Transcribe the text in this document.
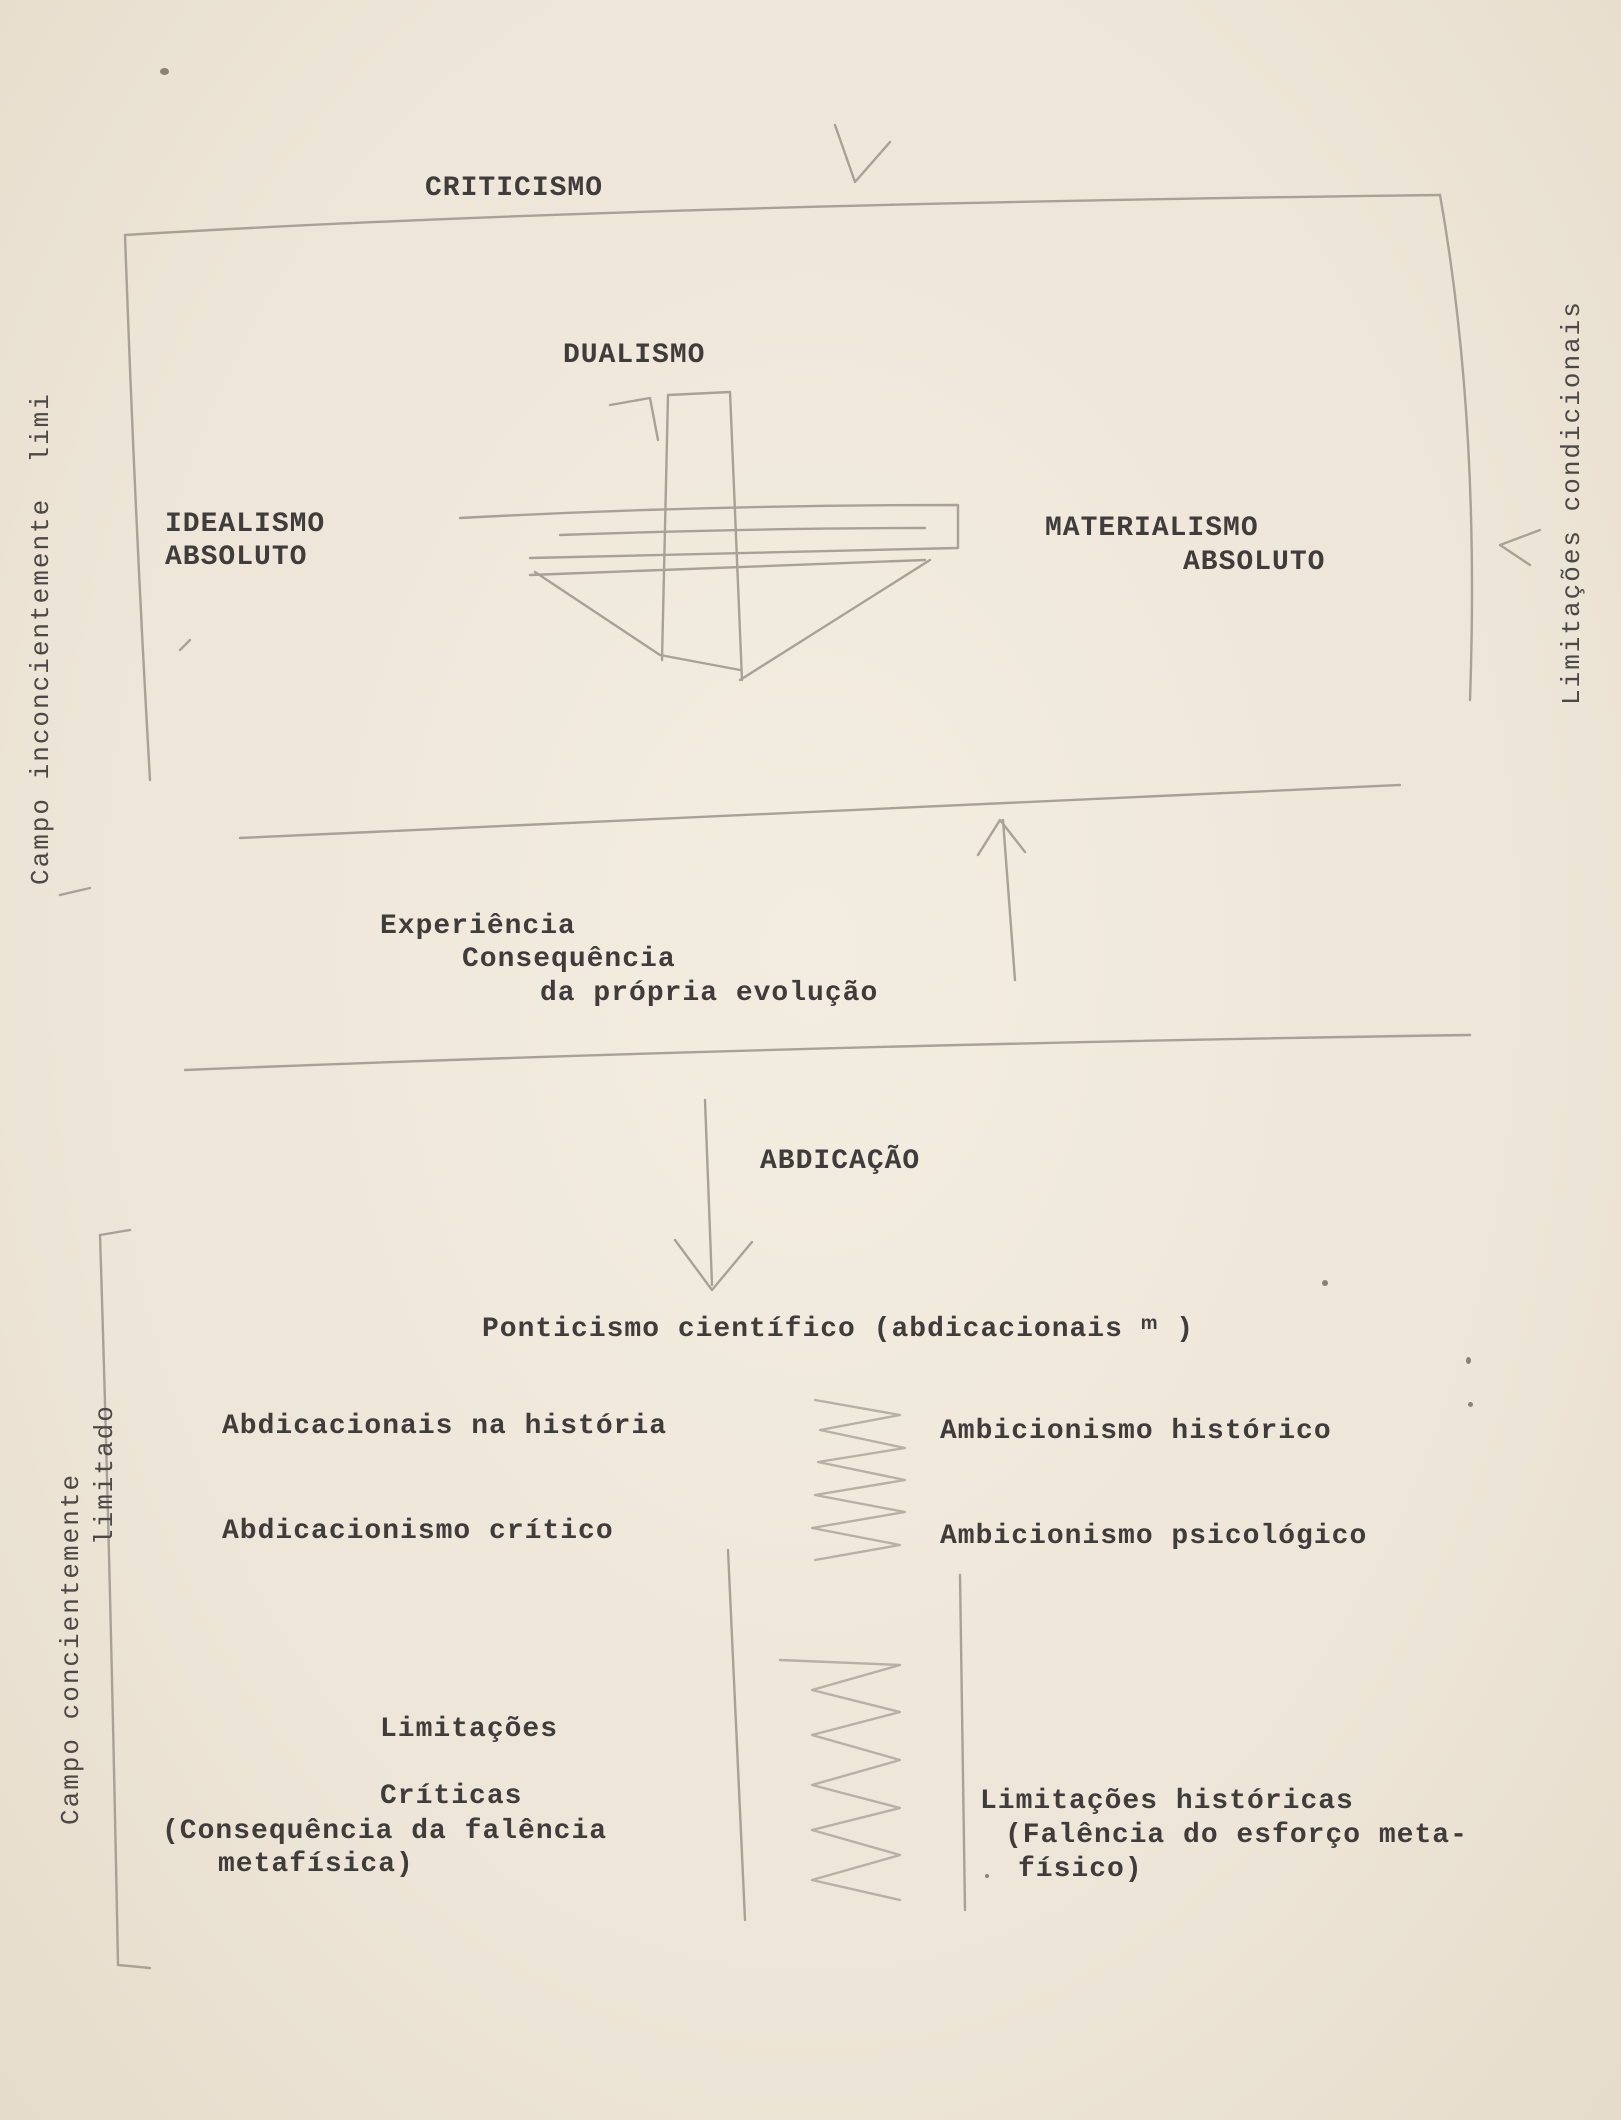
CRITICISMO

DUALISMO

IDEALISMO

ABSOLUTO

MATERIALISMO

ABSOLUTO

Experiência

Consequência

da própria evolução

ABDICAÇÃO

Ponticismo científico (abdicacionais ᵐ )

Abdicacionais na história	Ambicionismo histórico

Abdicacionismo crítico	Ambicionismo psicológico

Limitações

Críticas

(Consequência da falência

metafísica)

Limitações históricas

(Falência do esforço meta-

físico)

Campo inconcientemente  limi
Campo concientemente limitado
Limitações condicionais
